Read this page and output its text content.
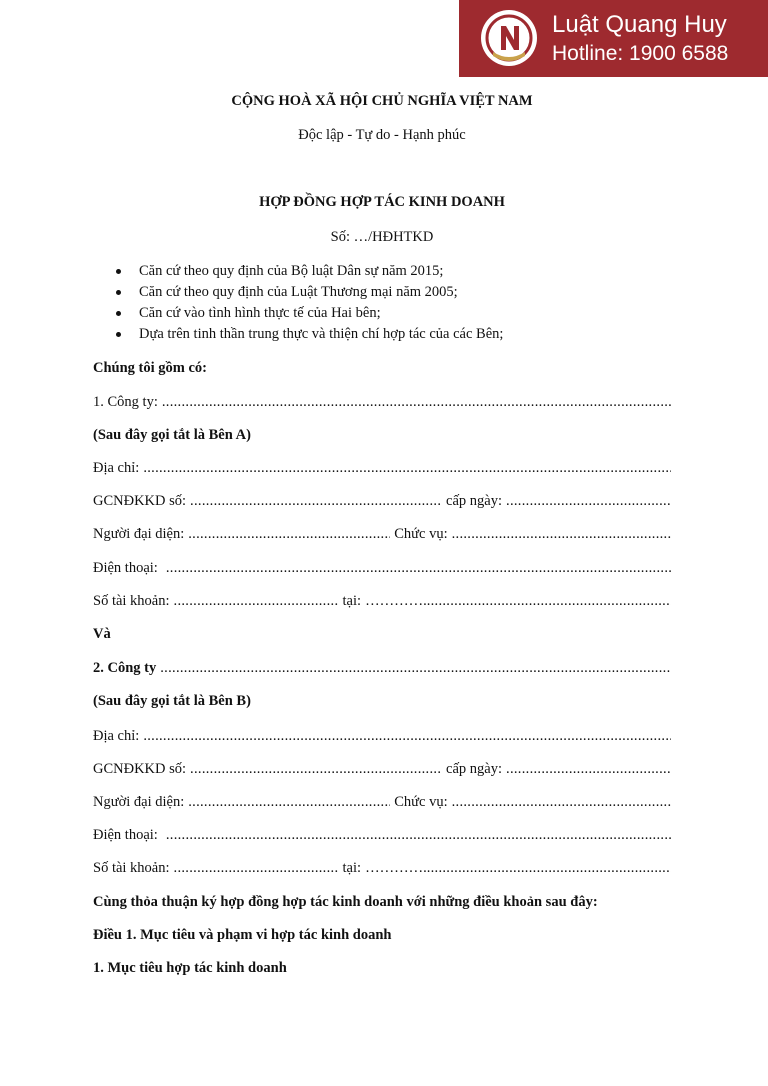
Luật Quang Huy
Hotline: 1900 6588
CỘNG HOÀ XÃ HỘI CHỦ NGHĨA VIỆT NAM
Độc lập - Tự do - Hạnh phúc
HỢP ĐỒNG HỢP TÁC KINH DOANH
Số: …/HĐHTKD
Căn cứ theo quy định của Bộ luật Dân sự năm 2015;
Căn cứ theo quy định của Luật Thương mại năm 2005;
Căn cứ vào tình hình thực tế của Hai bên;
Dựa trên tinh thần trung thực và thiện chí hợp tác của các Bên;
Chúng tôi gồm có:
1. Công ty:
.....
(Sau đây gọi tắt là Bên A)
Địa chỉ:
.....
GCNĐKKD số: .....	cấp ngày:
.....
Người đại diện: .....	Chức vụ:
.....
Điện thoại:
.....
Số tài khoản: .....	tại: ………….
.....
Và
2. Công ty
.....
(Sau đây gọi tắt là Bên B)
Địa chỉ:
.....
GCNĐKKD số: .....	cấp ngày:
.....
Người đại diện: .....	Chức vụ:
.....
Điện thoại:
.....
Số tài khoản: .....	tại: ………….
.....
Cùng thỏa thuận ký hợp đồng hợp tác kinh doanh với những điều khoản sau đây:
Điều 1. Mục tiêu và phạm vi hợp tác kinh doanh
1. Mục tiêu hợp tác kinh doanh
